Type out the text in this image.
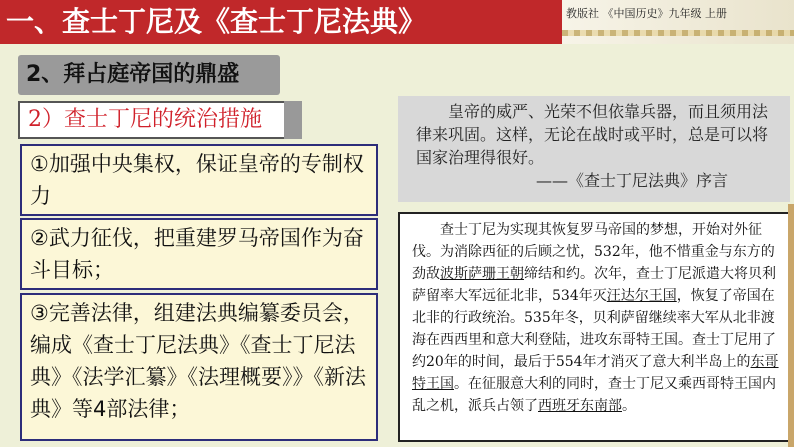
一、查士丁尼及《查士丁尼法典》	教版社 《中国历史》九年级 上册
2、拜占庭帝国的鼎盛
2）查士丁尼的统治措施
①加强中央集权，保证皇帝的专制权力
②武力征伐，把重建罗马帝国作为奋斗目标；
③完善法律，组建法典编纂委员会，编成《查士丁尼法典》《查士丁尼法典》《法学汇纂》《法理概要》》《新法典》等4部法律；
皇帝的威严、光荣不但依靠兵器，而且须用法律来巩固。这样，无论在战时或平时，总是可以将国家治理得很好。
——《查士丁尼法典》序言
查士丁尼为实现其恢复罗马帝国的梦想，开始对外征伐。为消除西征的后顾之忧，532年，他不惜重金与东方的劲敌波斯萨珊王朝缔结和约。次年，查士丁尼派遣大将贝利萨留率大军远征北非，534年灭汪达尔王国，恢复了帝国在北非的行政统治。535年冬，贝利萨留继续率大军从北非渡海在西西里和意大利登陆，进攻东哥特王国。查士丁尼用了约20年的时间，最后于554年才消灭了意大利半岛上的东哥特王国。在征服意大利的同时，查士丁尼又乘西哥特王国内乱之机，派兵占领了西班牙东南部。
